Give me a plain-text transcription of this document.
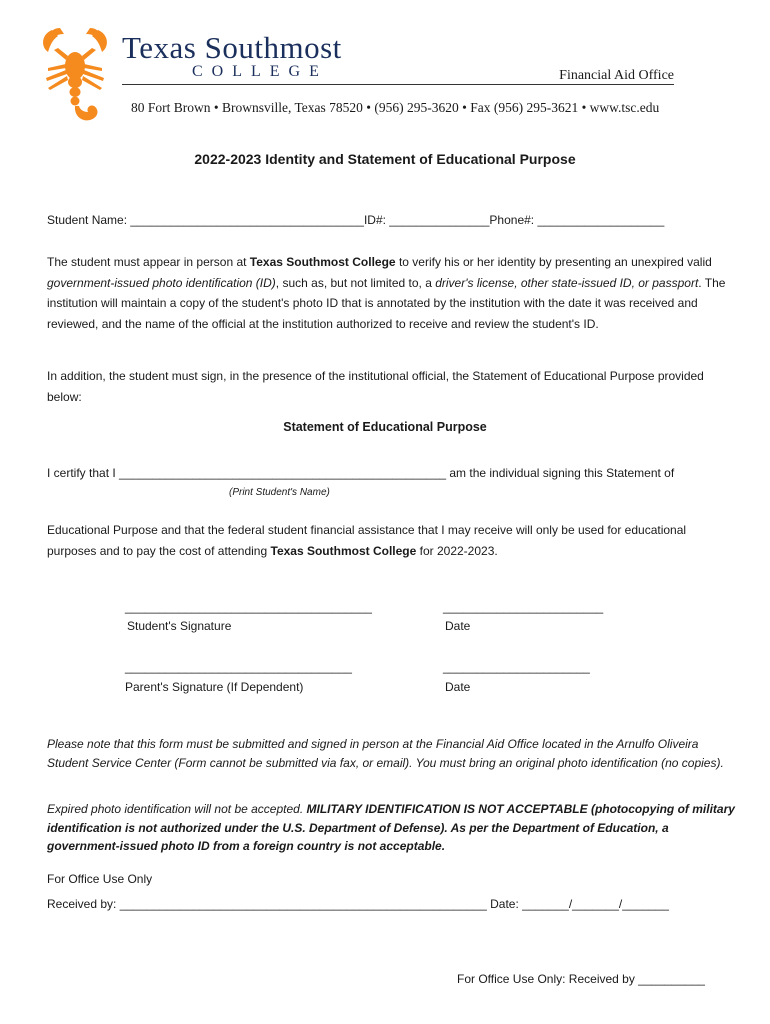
Texas Southmost
COLLEGE	Financial Aid Office
80 Fort Brown • Brownsville, Texas 78520 • (956) 295-3620 • Fax (956) 295-3621 • www.tsc.edu
2022-2023 Identity and Statement of Educational Purpose
Student Name: ___________________________________ID#: _______________Phone#: ___________________
The student must appear in person at Texas Southmost College to verify his or her identity by presenting an unexpired valid government-issued photo identification (ID), such as, but not limited to, a driver's license, other state-issued ID, or passport. The institution will maintain a copy of the student's photo ID that is annotated by the institution with the date it was received and reviewed, and the name of the official at the institution authorized to receive and review the student's ID.
In addition, the student must sign, in the presence of the institutional official, the Statement of Educational Purpose provided below:
Statement of Educational Purpose
I certify that I _________________________________________________ am the individual signing this Statement of
(Print Student's Name)
Educational Purpose and that the federal student financial assistance that I may receive will only be used for educational purposes and to pay the cost of attending Texas Southmost College for 2022-2023.
_____________________________________
Student's Signature
________________________
Date
__________________________________
Parent's Signature (If Dependent)
______________________
Date
Please note that this form must be submitted and signed in person at the Financial Aid Office located in the Arnulfo Oliveira Student Service Center (Form cannot be submitted via fax, or email). You must bring an original photo identification (no copies).
Expired photo identification will not be accepted. MILITARY IDENTIFICATION IS NOT ACCEPTABLE (photocopying of military identification is not authorized under the U.S. Department of Defense). As per the Department of Education, a government-issued photo ID from a foreign country is not acceptable.
For Office Use Only
Received by: _______________________________________________________ Date: _______/_______/_______
For Office Use Only: Received by __________
